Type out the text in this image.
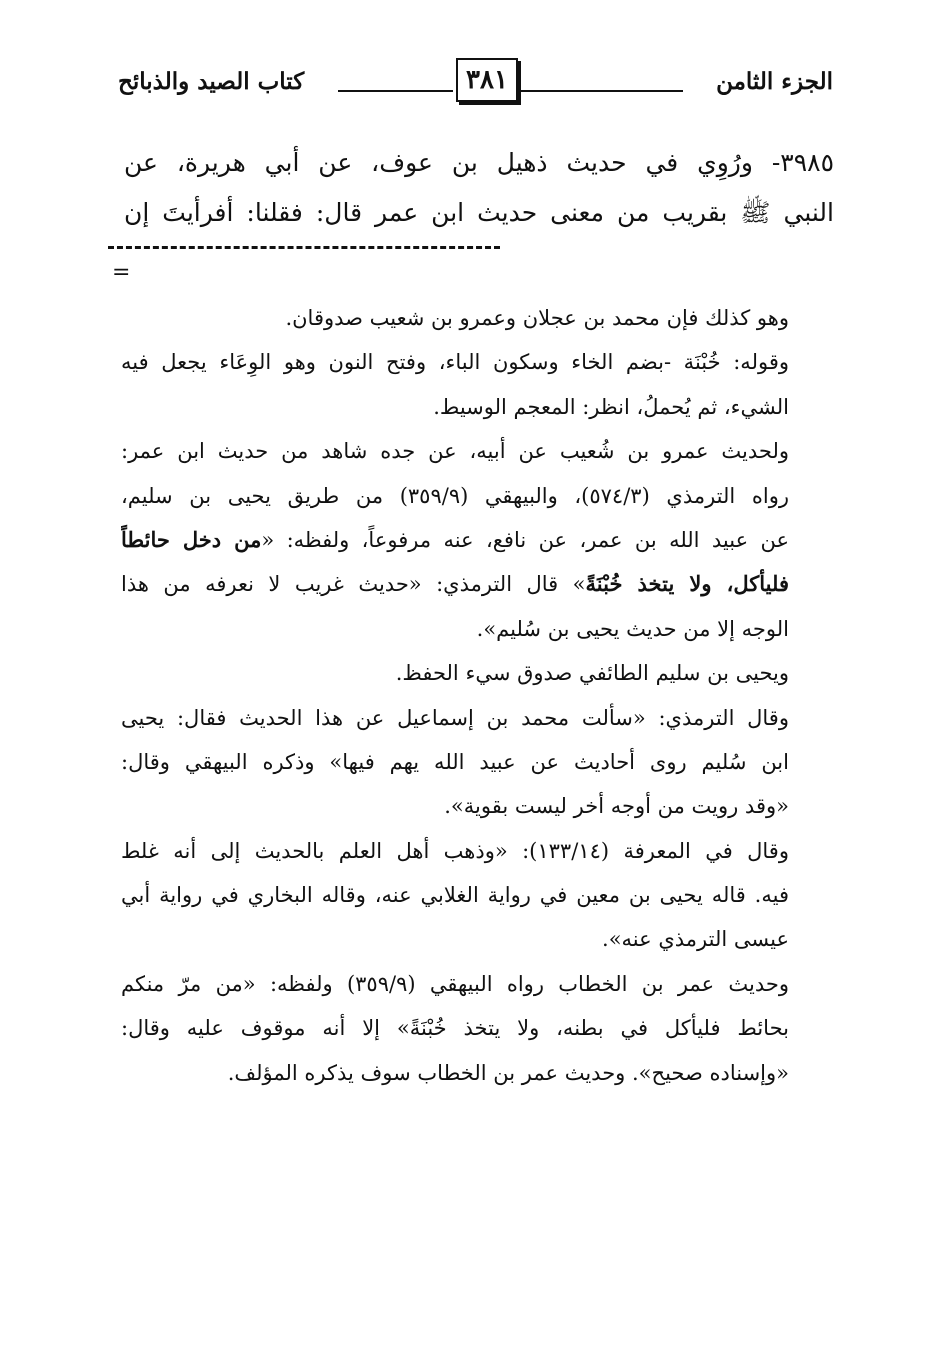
الجزء الثامن
٣٨١
كتاب الصيد والذبائح

٣٩٨٥- ورُوِي في حديث ذهيل بن عوف، عن أبي هريرة، عن

النبي ﷺ بقريب من معنى حديث ابن عمر قال: فقلنا: أفرأيتَ إن

=
وهو كذلك فإن محمد بن عجلان وعمرو بن شعيب صدوقان.
وقوله: خُبْنَة -بضم الخاء وسكون الباء، وفتح النون وهو الوِعَاء يجعل فيه
الشيء، ثم يُحملُ، انظر: المعجم الوسيط.
ولحديث عمرو بن شُعيب عن أبيه، عن جده شاهد من حديث ابن عمر:
رواه الترمذي (٥٧٤/٣)، والبيهقي (٣٥٩/٩) من طريق يحيى بن سليم،
عن عبيد الله بن عمر، عن نافع، عنه مرفوعاً، ولفظه: «من دخل حائطاً
فليأكل، ولا يتخذ خُبْنَةً» قال الترمذي: «حديث غريب لا نعرفه من هذا
الوجه إلا من حديث يحيى بن سُليم».
ويحيى بن سليم الطائفي صدوق سيء الحفظ.
وقال الترمذي: «سألت محمد بن إسماعيل عن هذا الحديث فقال: يحيى
ابن سُليم روى أحاديث عن عبيد الله يهم فيها» وذكره البيهقي وقال:
«وقد رويت من أوجه أخر ليست بقوية».
وقال في المعرفة (١٣٣/١٤): «وذهب أهل العلم بالحديث إلى أنه غلط
فيه. قاله يحيى بن معين في رواية الغلابي عنه، وقاله البخاري في رواية أبي
عيسى الترمذي عنه».
وحديث عمر بن الخطاب رواه البيهقي (٣٥٩/٩) ولفظه: «من مرّ منكم
بحائط فليأكل في بطنه، ولا يتخذ خُبْنَةً» إلا أنه موقوف عليه وقال:
«وإسناده صحيح». وحديث عمر بن الخطاب سوف يذكره المؤلف.
